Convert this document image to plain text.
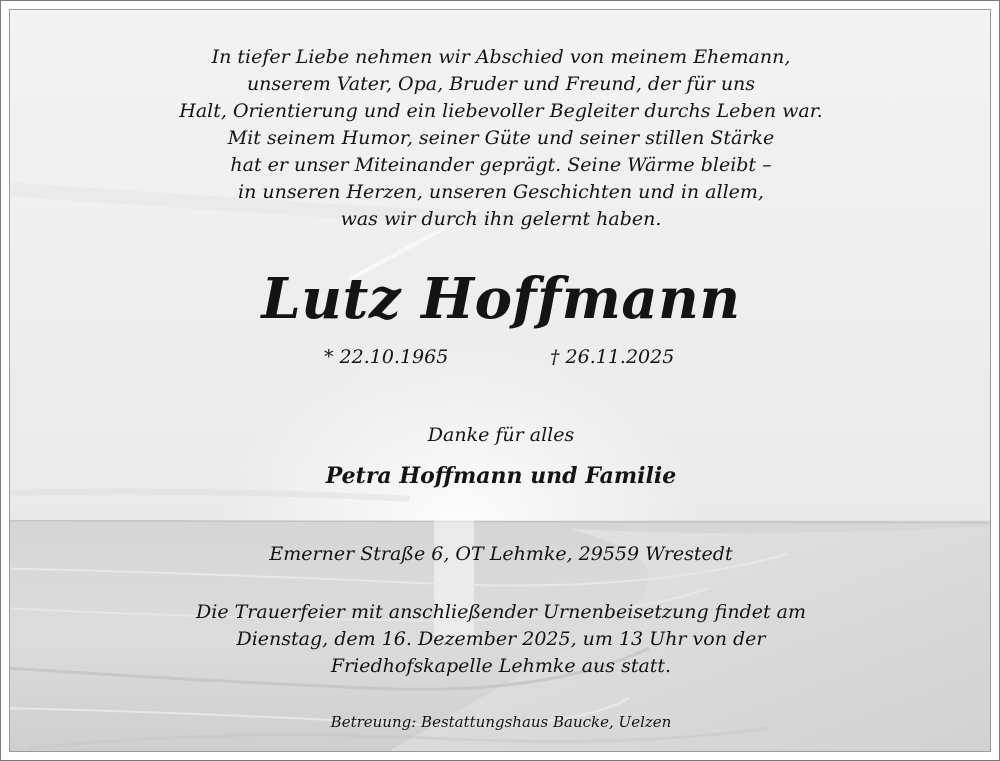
In tiefer Liebe nehmen wir Abschied von meinem Ehemann,
unserem Vater, Opa, Bruder und Freund, der für uns
Halt, Orientierung und ein liebevoller Begleiter durchs Leben war.
Mit seinem Humor, seiner Güte und seiner stillen Stärke
hat er unser Miteinander geprägt. Seine Wärme bleibt –
in unseren Herzen, unseren Geschichten und in allem,
was wir durch ihn gelernt haben.
Lutz Hoffmann
* 22.10.1965	† 26.11.2025
Danke für alles
Petra Hoffmann und Familie
Emerner Straße 6, OT Lehmke, 29559 Wrestedt
Die Trauerfeier mit anschließender Urnenbeisetzung findet am
Dienstag, dem 16. Dezember 2025, um 13 Uhr von der
Friedhofskapelle Lehmke aus statt.
Betreuung: Bestattungshaus Baucke, Uelzen
